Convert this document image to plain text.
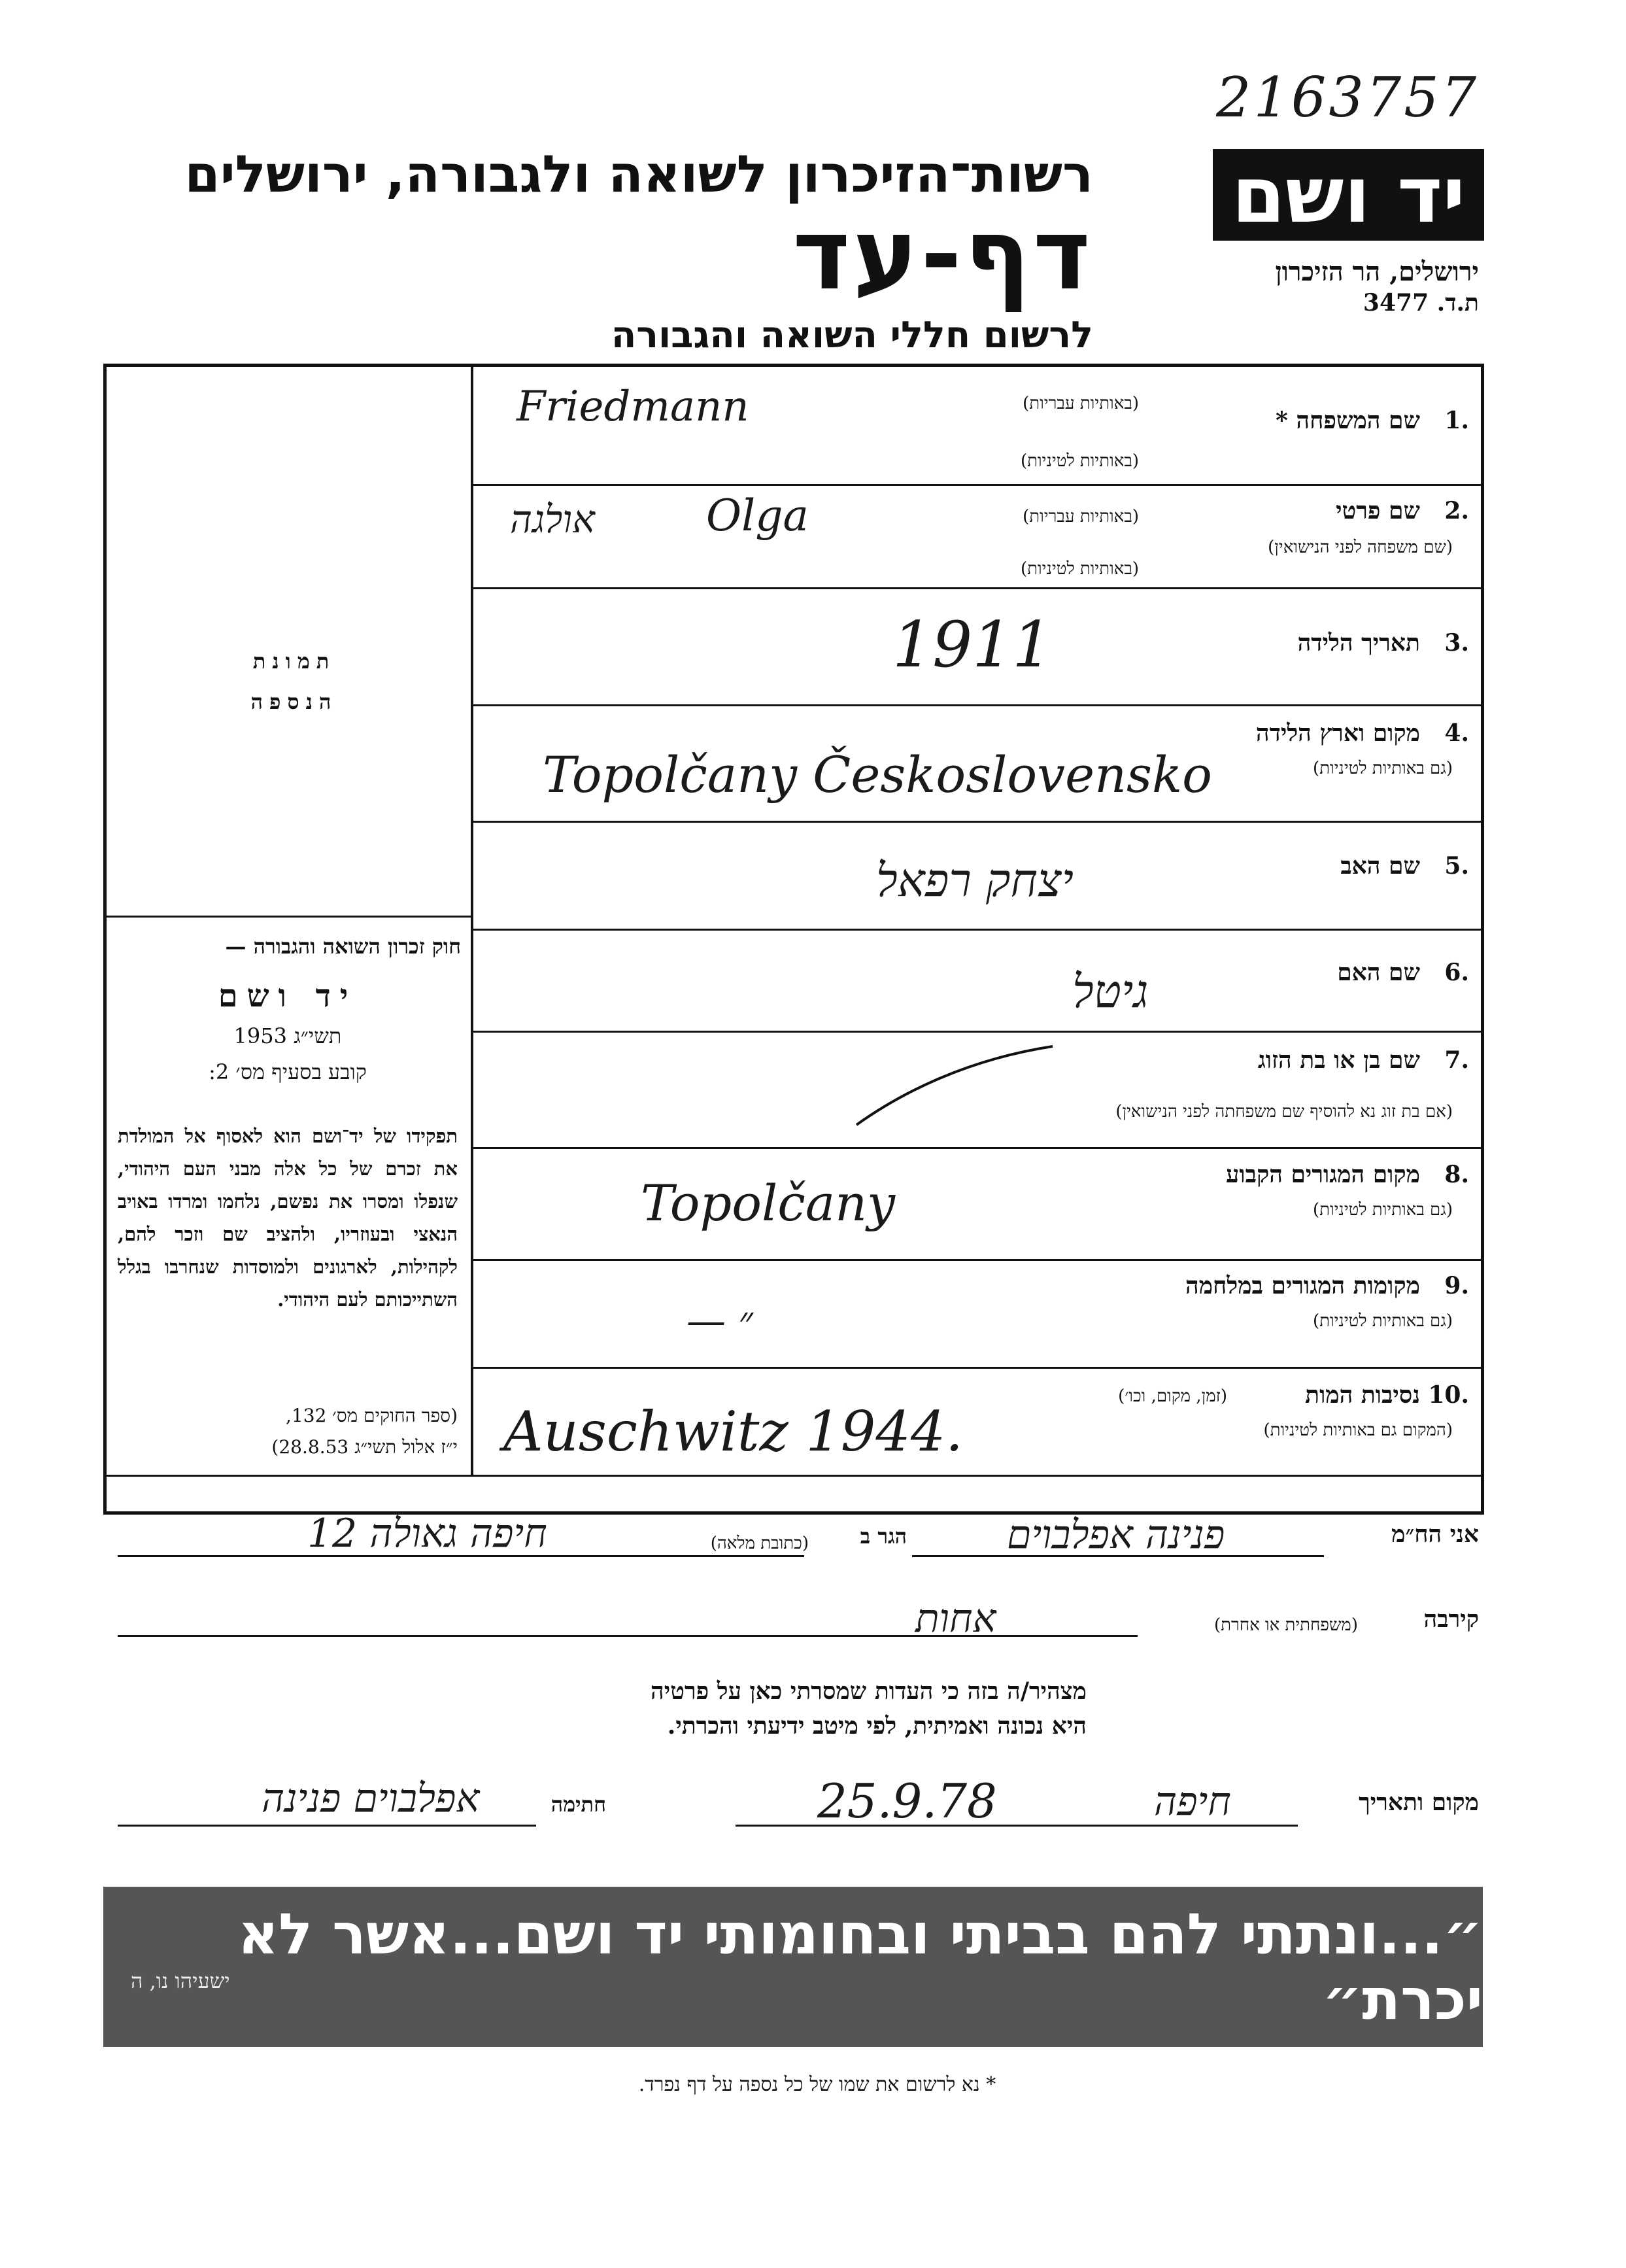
2163757
יד ושם
ירושלים, הר הזיכרון
ת.ד. 3477
רשות־הזיכרון לשואה ולגבורה, ירושלים
דף-עד
לרשום חללי השואה והגבורה
תמונת
הנספה
חוק זכרון השואה והגבורה —
יד ושם
תשי״ג 1953
קובע בסעיף מס׳ 2:
תפקידו של יד־ושם הוא לאסוף אל המולדת את זכרם של כל אלה מבני העם היהודי, שנפלו ומסרו את נפשם, נלחמו ומרדו באויב הנאצי ובעוזריו, ולהציב שם וזכר להם, לקהילות, לארגונים ולמוסדות שנחרבו בגלל השתייכותם לעם היהודי.
(ספר החוקים מס׳ 132,
י״ז אלול תשי״ג 28.8.53)
1.
שם המשפחה *
(באותיות עבריות)
(באותיות לטיניות)
Friedmann
2.
שם פרטי
(שם משפחה לפני הנישואין)
(באותיות עבריות)
(באותיות לטיניות)
אולגה	Olga
3.
תאריך הלידה
1911
4.
מקום וארץ הלידה
(גם באותיות לטיניות)
Topolčany Československo
5.
שם האב
יצחק רפאל
6.
שם האם
גיטל
7.
שם בן או בת הזוג
(אם בת זוג נא להוסיף שם משפחתה לפני הנישואין)
8.
מקום המגורים הקבוע
(גם באותיות לטיניות)
Topolčany
9.
מקומות המגורים במלחמה
(גם באותיות לטיניות)
— ״
10.
נסיבות המות
(זמן, מקום, וכו׳)
(המקום גם באותיות לטיניות)
Auschwitz 1944.
אני הח״מ
פנינה אפלבוים
הגר ב
(כתובת מלאה)
חיפה גאולה 12
קירבה
(משפחתית או אחרת)
אחות
מצהיר/ה בזה כי העדות שמסרתי כאן על פרטיה
היא נכונה ואמיתית, לפי מיטב ידיעתי והכרתי.
מקום ותאריך
חיפה
25.9.78
חתימה
אפלבוים פנינה
״...ונתתי להם בביתי ובחומותי יד ושם...אשר לא יכרת״
ישעיהו נו, ה
* נא לרשום את שמו של כל נספה על דף נפרד.
